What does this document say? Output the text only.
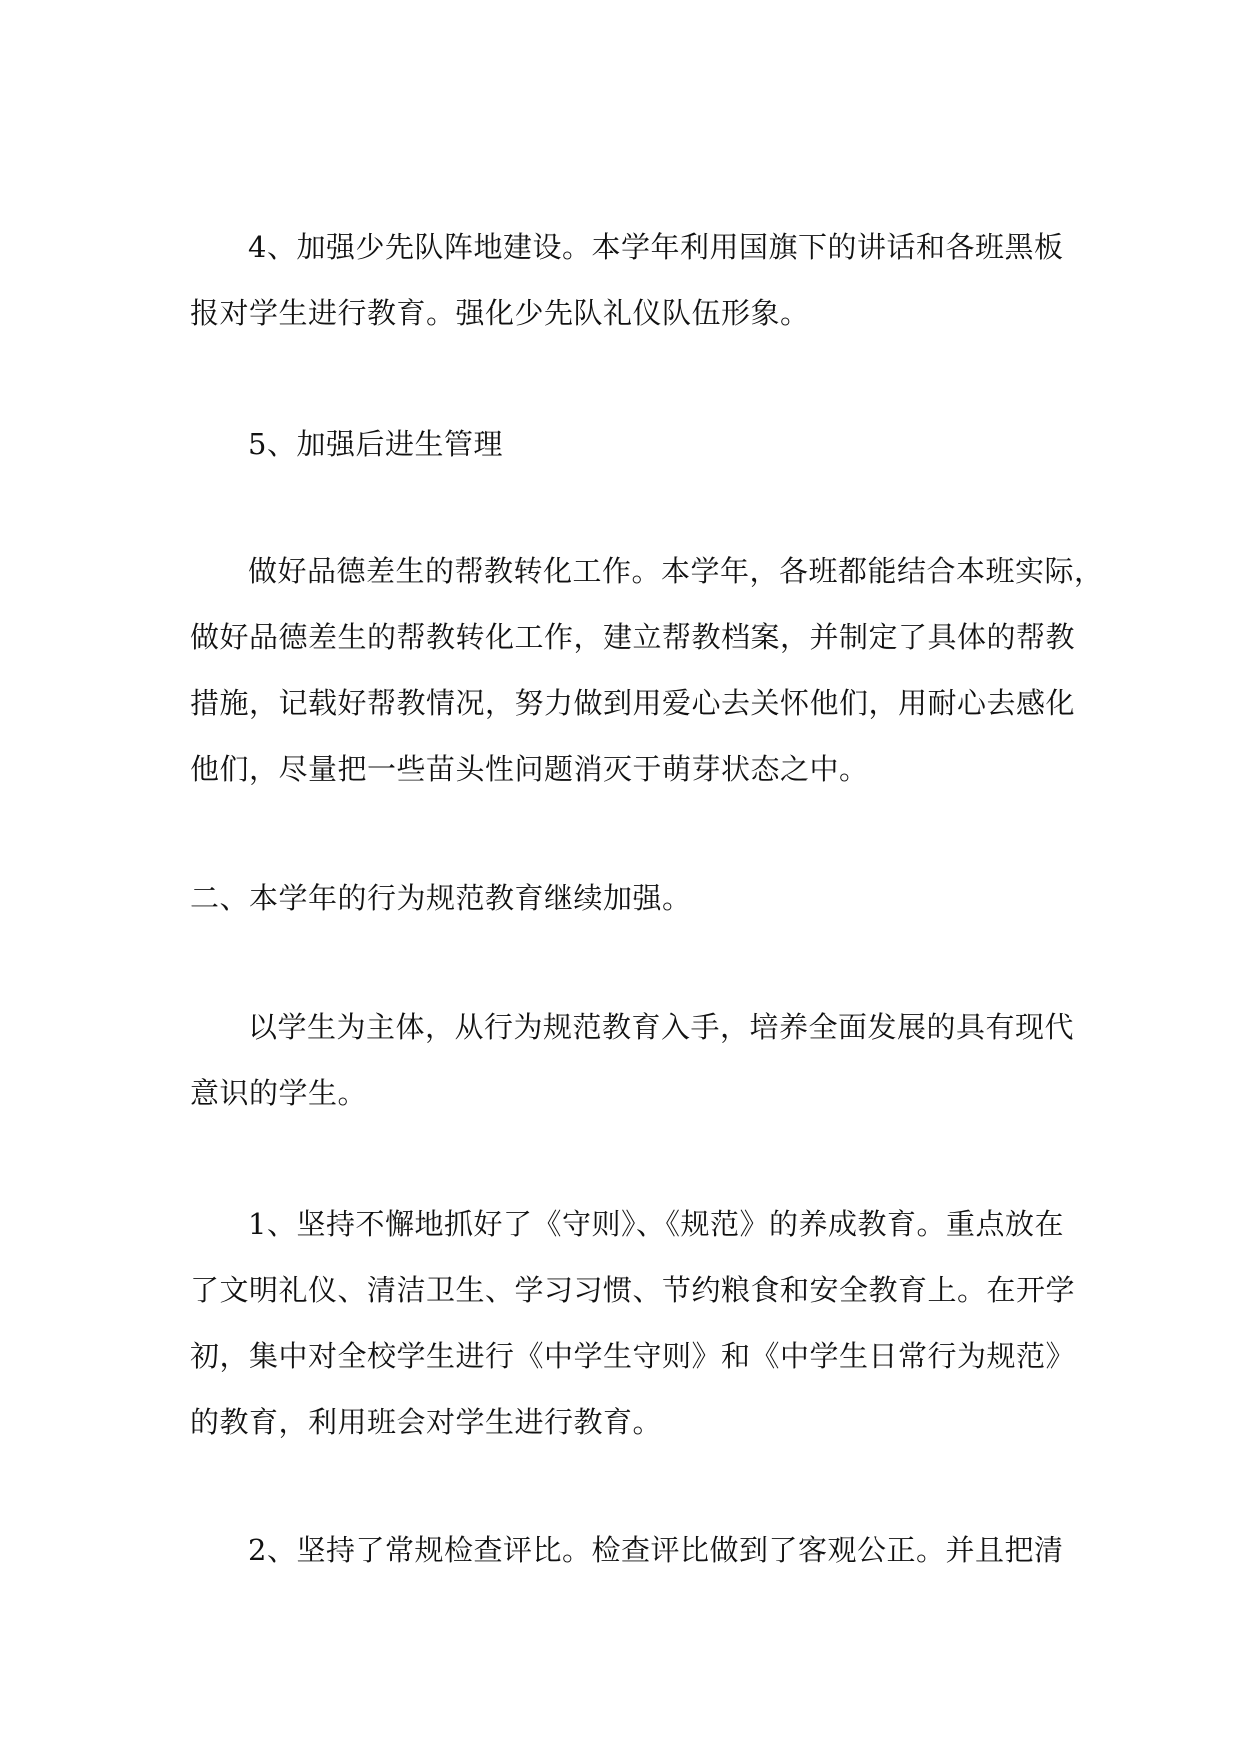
4、加强少先队阵地建设。本学年利用国旗下的讲话和各班黑板
报对学生进行教育。强化少先队礼仪队伍形象。

5、加强后进生管理

做好品德差生的帮教转化工作。本学年，各班都能结合本班实际，
做好品德差生的帮教转化工作，建立帮教档案，并制定了具体的帮教
措施，记载好帮教情况，努力做到用爱心去关怀他们，用耐心去感化
他们，尽量把一些苗头性问题消灭于萌芽状态之中。

二、本学年的行为规范教育继续加强。

以学生为主体，从行为规范教育入手，培养全面发展的具有现代
意识的学生。

1、坚持不懈地抓好了《守则》、《规范》的养成教育。重点放在
了文明礼仪、清洁卫生、学习习惯、节约粮食和安全教育上。在开学
初，集中对全校学生进行《中学生守则》和《中学生日常行为规范》
的教育，利用班会对学生进行教育。

2、坚持了常规检查评比。检查评比做到了客观公正。并且把清
